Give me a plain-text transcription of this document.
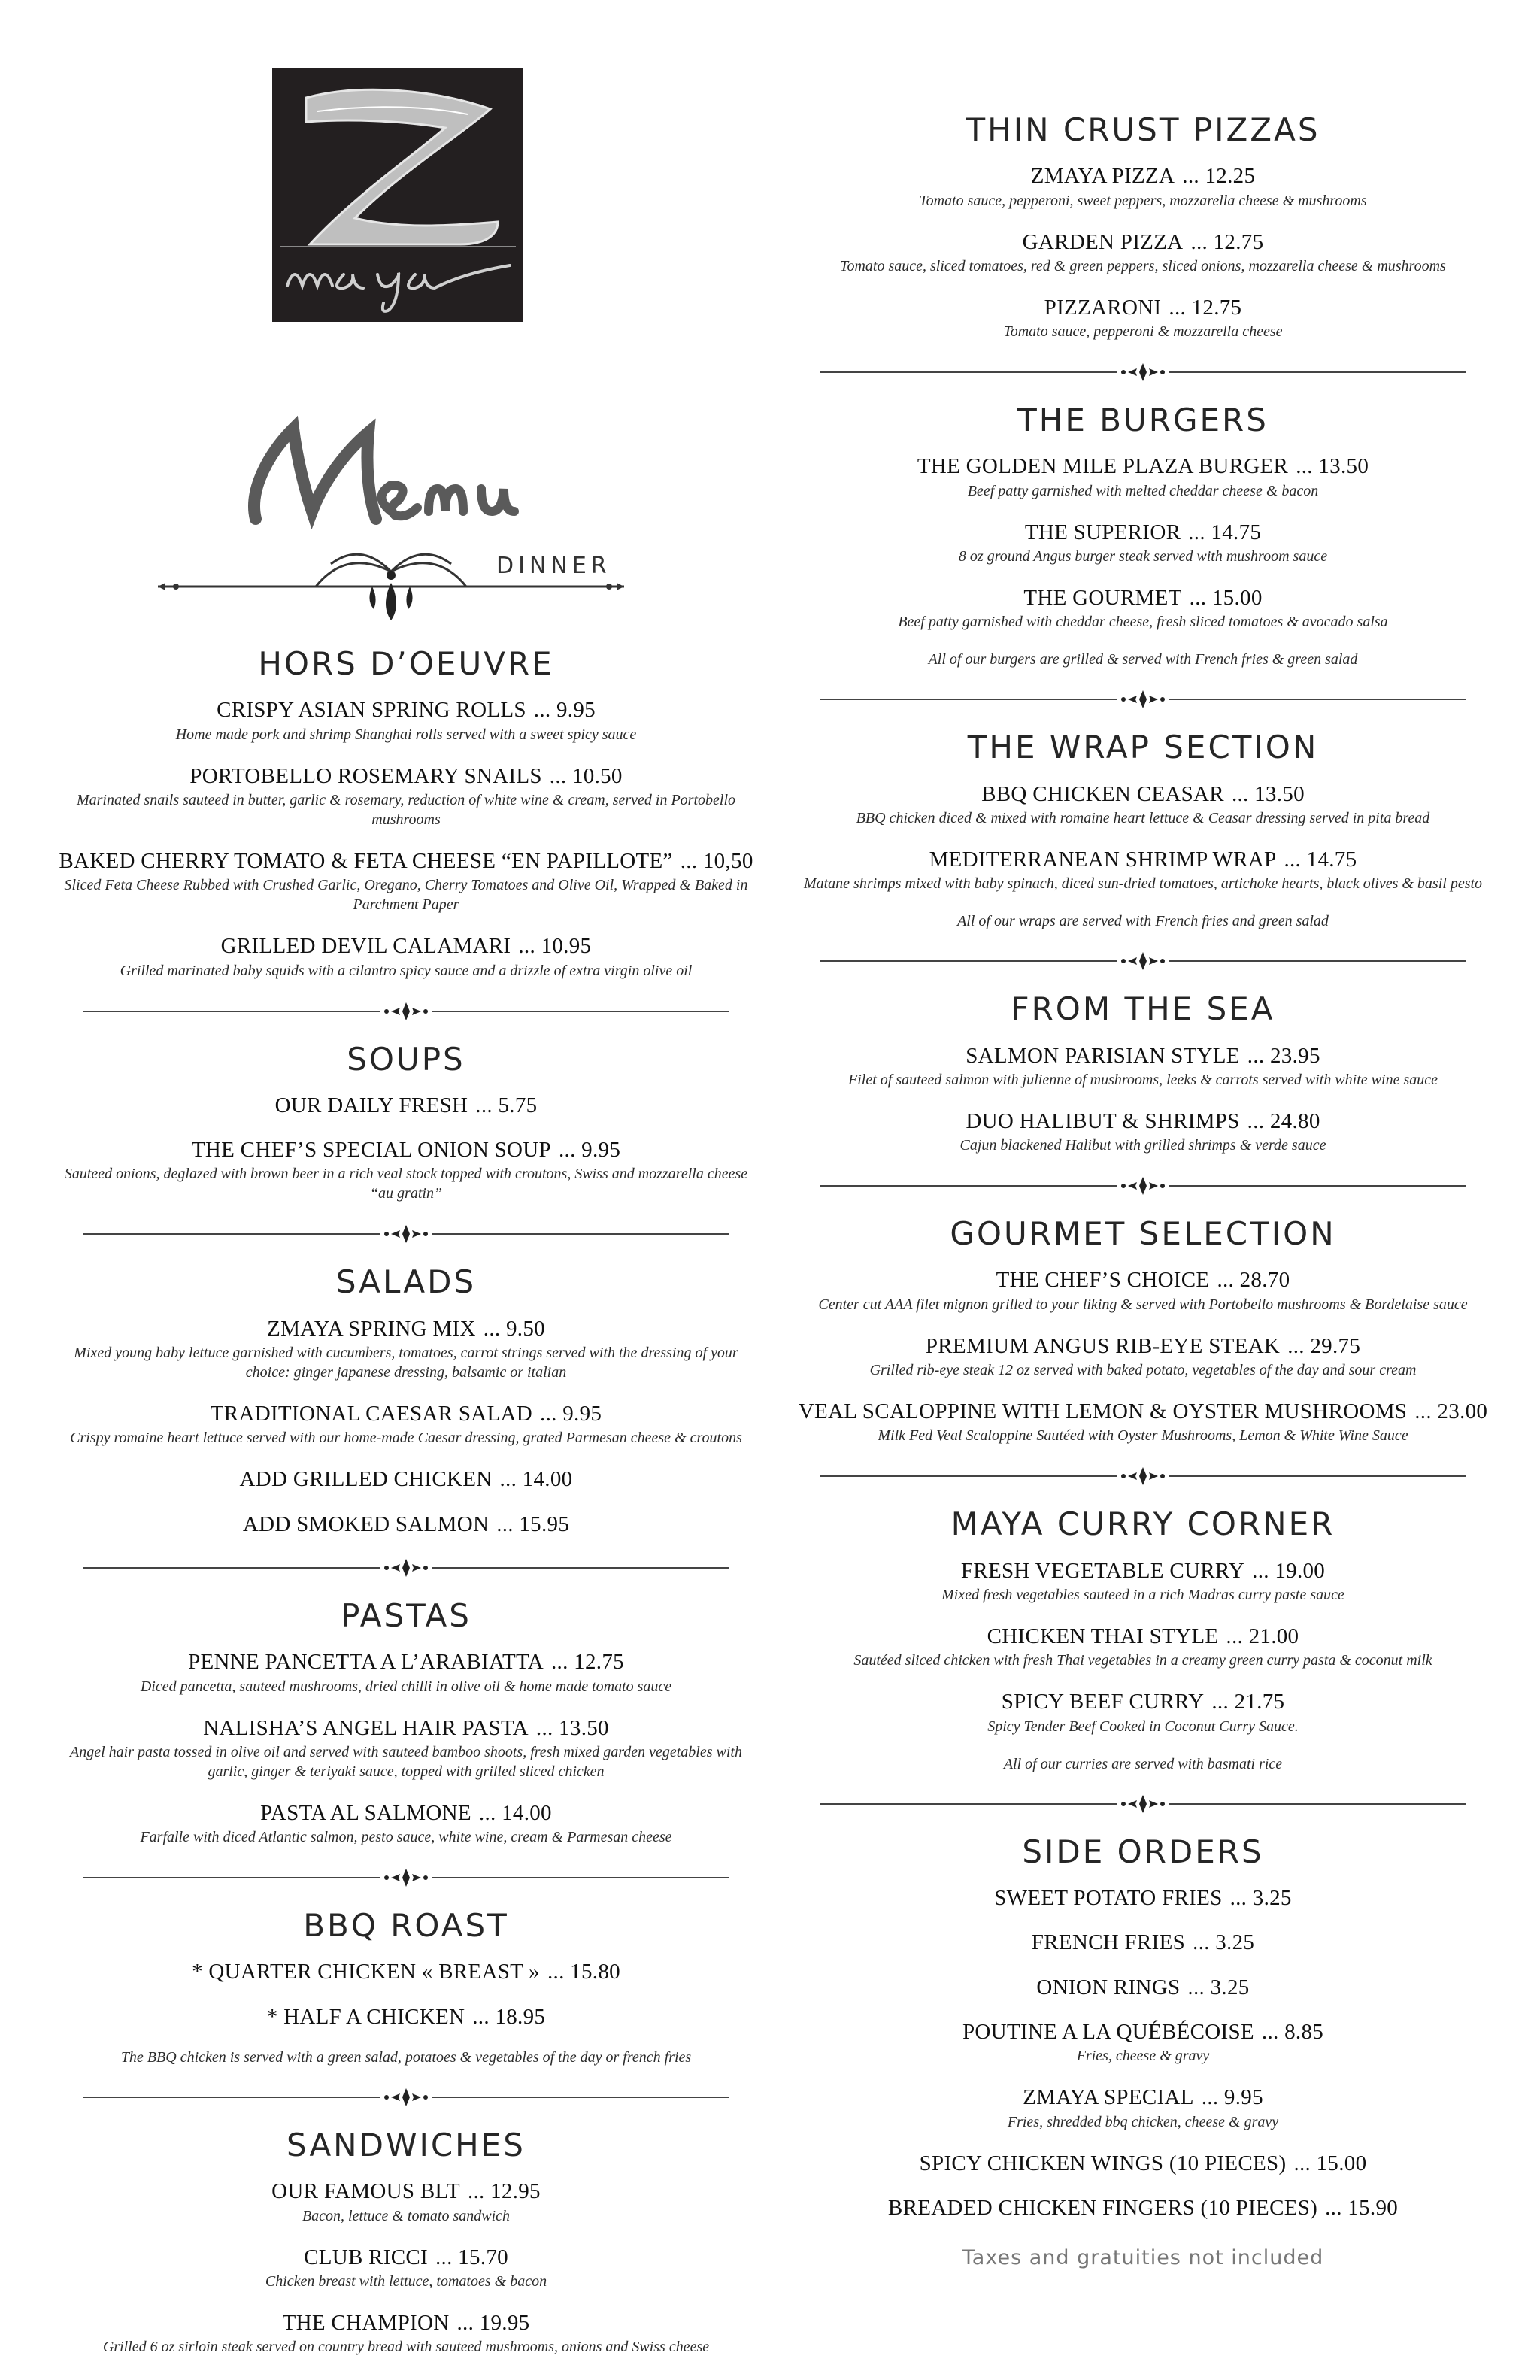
DINNER
HORS D’OEUVRE
CRISPY ASIAN SPRING ROLLS ... 9.95
Home made pork and shrimp Shanghai rolls served with a sweet spicy sauce
PORTOBELLO ROSEMARY SNAILS ... 10.50
Marinated snails sauteed in butter, garlic & rosemary, reduction of white wine & cream, served in Portobello mushrooms
BAKED CHERRY TOMATO & FETA CHEESE “EN PAPILLOTE” ... 10,50
Sliced Feta Cheese Rubbed with Crushed Garlic, Oregano, Cherry Tomatoes and Olive Oil, Wrapped & Baked in Parchment Paper
GRILLED DEVIL CALAMARI ... 10.95
Grilled marinated baby squids with a cilantro spicy sauce and a drizzle of extra virgin olive oil
SOUPS
OUR DAILY FRESH ... 5.75
THE CHEF’S SPECIAL ONION SOUP ... 9.95
Sauteed onions, deglazed with brown beer in a rich veal stock topped with croutons, Swiss and mozzarella cheese “au gratin”
SALADS
ZMAYA SPRING MIX ... 9.50
Mixed young baby lettuce garnished with cucumbers, tomatoes, carrot strings served with the dressing of your choice: ginger japanese dressing, balsamic or italian
TRADITIONAL CAESAR SALAD ... 9.95
Crispy romaine heart lettuce served with our home-made Caesar dressing, grated Parmesan cheese & croutons
ADD GRILLED CHICKEN ... 14.00
ADD SMOKED SALMON ... 15.95
PASTAS
PENNE PANCETTA A L’ARABIATTA ... 12.75
Diced pancetta, sauteed mushrooms, dried chilli in olive oil & home made tomato sauce
NALISHA’S ANGEL HAIR PASTA ... 13.50
Angel hair pasta tossed in olive oil and served with sauteed bamboo shoots, fresh mixed garden vegetables with garlic, ginger & teriyaki sauce, topped with grilled sliced chicken
PASTA AL SALMONE ... 14.00
Farfalle with diced Atlantic salmon, pesto sauce, white wine, cream & Parmesan cheese
BBQ ROAST
* QUARTER CHICKEN « BREAST » ... 15.80
* HALF A CHICKEN ... 18.95
The BBQ chicken is served with a green salad, potatoes & vegetables of the day or french fries
SANDWICHES
OUR FAMOUS BLT ... 12.95
Bacon, lettuce & tomato sandwich
CLUB RICCI ... 15.70
Chicken breast with lettuce, tomatoes & bacon
THE CHAMPION ... 19.95
Grilled 6 oz sirloin steak served on country bread with sauteed mushrooms, onions and Swiss cheese
THIN CRUST PIZZAS
ZMAYA PIZZA ... 12.25
Tomato sauce, pepperoni, sweet peppers, mozzarella cheese & mushrooms
GARDEN PIZZA ... 12.75
Tomato sauce, sliced tomatoes, red & green peppers, sliced onions, mozzarella cheese & mushrooms
PIZZARONI ... 12.75
Tomato sauce, pepperoni & mozzarella cheese
THE BURGERS
THE GOLDEN MILE PLAZA BURGER ... 13.50
Beef patty garnished with melted cheddar cheese & bacon
THE SUPERIOR ... 14.75
8 oz ground Angus burger steak served with mushroom sauce
THE GOURMET ... 15.00
Beef patty garnished with cheddar cheese, fresh sliced tomatoes & avocado salsa
All of our burgers are grilled & served with French fries & green salad
THE WRAP SECTION
BBQ CHICKEN CEASAR ... 13.50
BBQ chicken diced & mixed with romaine heart lettuce & Ceasar dressing served in pita bread
MEDITERRANEAN SHRIMP WRAP ... 14.75
Matane shrimps mixed with baby spinach, diced sun-dried tomatoes, artichoke hearts, black olives & basil pesto
All of our wraps are served with French fries and green salad
FROM THE SEA
SALMON PARISIAN STYLE ... 23.95
Filet of sauteed salmon with julienne of mushrooms, leeks & carrots served with white wine sauce
DUO HALIBUT & SHRIMPS ... 24.80
Cajun blackened Halibut with grilled shrimps & verde sauce
GOURMET SELECTION
THE CHEF’S CHOICE ... 28.70
Center cut AAA filet mignon grilled to your liking & served with Portobello mushrooms & Bordelaise sauce
PREMIUM ANGUS RIB-EYE STEAK ... 29.75
Grilled rib-eye steak 12 oz served with baked potato, vegetables of the day and sour cream
VEAL SCALOPPINE WITH LEMON & OYSTER MUSHROOMS ... 23.00
Milk Fed Veal Scaloppine Sautéed with Oyster Mushrooms, Lemon & White Wine Sauce
MAYA CURRY CORNER
FRESH VEGETABLE CURRY ... 19.00
Mixed fresh vegetables sauteed in a rich Madras curry paste sauce
CHICKEN THAI STYLE ... 21.00
Sautéed sliced chicken with fresh Thai vegetables in a creamy green curry pasta & coconut milk
SPICY BEEF CURRY ... 21.75
Spicy Tender Beef Cooked in Coconut Curry Sauce.
All of our curries are served with basmati rice
SIDE ORDERS
SWEET POTATO FRIES ... 3.25
FRENCH FRIES ... 3.25
ONION RINGS ... 3.25
POUTINE A LA QUÉBÉCOISE ... 8.85
Fries, cheese & gravy
ZMAYA SPECIAL ... 9.95
Fries, shredded bbq chicken, cheese & gravy
SPICY CHICKEN WINGS (10 PIECES) ... 15.00
BREADED CHICKEN FINGERS (10 PIECES) ... 15.90
Taxes and gratuities not included
